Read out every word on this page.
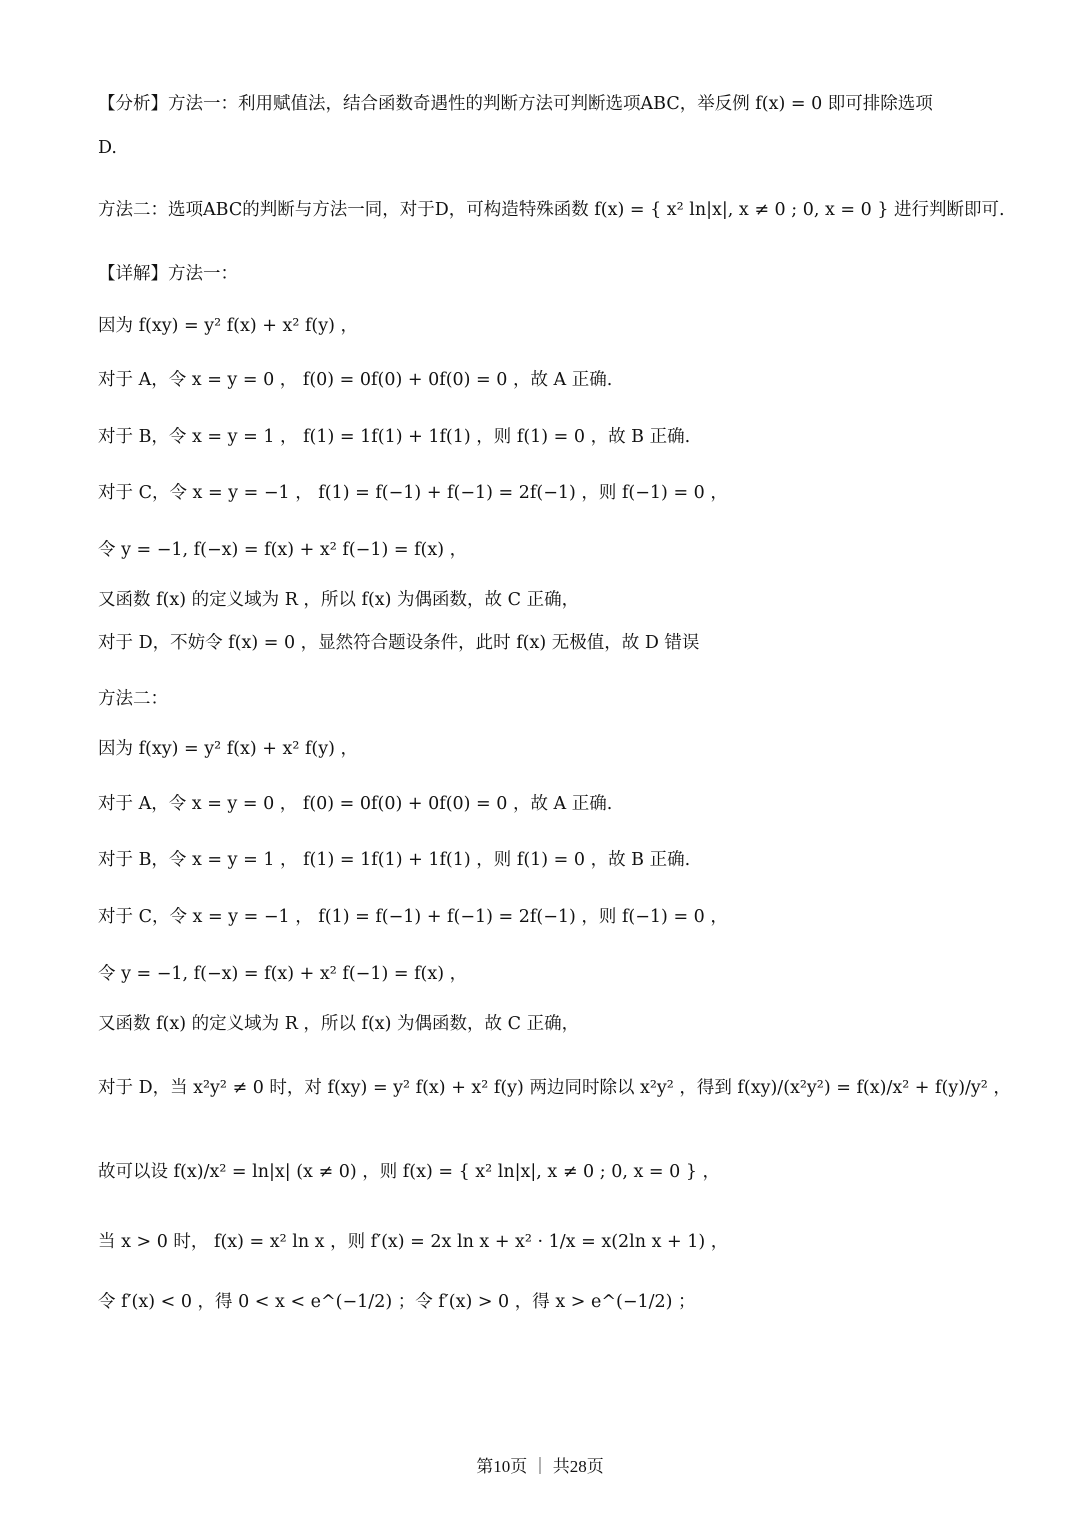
【分析】方法一：利用赋值法，结合函数奇遇性的判断方法可判断选项ABC，举反例 f(x) = 0 即可排除选项
D.
方法二：选项ABC的判断与方法一同，对于D，可构造特殊函数 f(x) = { x² ln|x|, x ≠ 0 ; 0, x = 0 } 进行判断即可.
【详解】方法一：
因为 f(xy) = y² f(x) + x² f(y) ，
对于 A，令 x = y = 0 ， f(0) = 0f(0) + 0f(0) = 0 ，故 A 正确.
对于 B，令 x = y = 1 ， f(1) = 1f(1) + 1f(1) ，则 f(1) = 0 ，故 B 正确.
对于 C，令 x = y = −1 ， f(1) = f(−1) + f(−1) = 2f(−1) ，则 f(−1) = 0 ，
令 y = −1, f(−x) = f(x) + x² f(−1) = f(x) ，
又函数 f(x) 的定义域为 R ，所以 f(x) 为偶函数，故 C 正确，
对于 D，不妨令 f(x) = 0 ，显然符合题设条件，此时 f(x) 无极值，故 D 错误
方法二：
因为 f(xy) = y² f(x) + x² f(y) ，
对于 A，令 x = y = 0 ， f(0) = 0f(0) + 0f(0) = 0 ，故 A 正确.
对于 B，令 x = y = 1 ， f(1) = 1f(1) + 1f(1) ，则 f(1) = 0 ，故 B 正确.
对于 C，令 x = y = −1 ， f(1) = f(−1) + f(−1) = 2f(−1) ，则 f(−1) = 0 ，
令 y = −1, f(−x) = f(x) + x² f(−1) = f(x) ，
又函数 f(x) 的定义域为 R ，所以 f(x) 为偶函数，故 C 正确，
对于 D，当 x²y² ≠ 0 时，对 f(xy) = y² f(x) + x² f(y) 两边同时除以 x²y² ，得到 f(xy)/(x²y²) = f(x)/x² + f(y)/y² ，
故可以设 f(x)/x² = ln|x| (x ≠ 0) ，则 f(x) = { x² ln|x|, x ≠ 0 ; 0, x = 0 } ，
当 x > 0 时， f(x) = x² ln x ，则 f′(x) = 2x ln x + x² · 1/x = x(2ln x + 1) ，
令 f′(x) < 0 ，得 0 < x < e^(−1/2) ；令 f′(x) > 0 ，得 x > e^(−1/2) ；
第10页 ｜ 共28页
